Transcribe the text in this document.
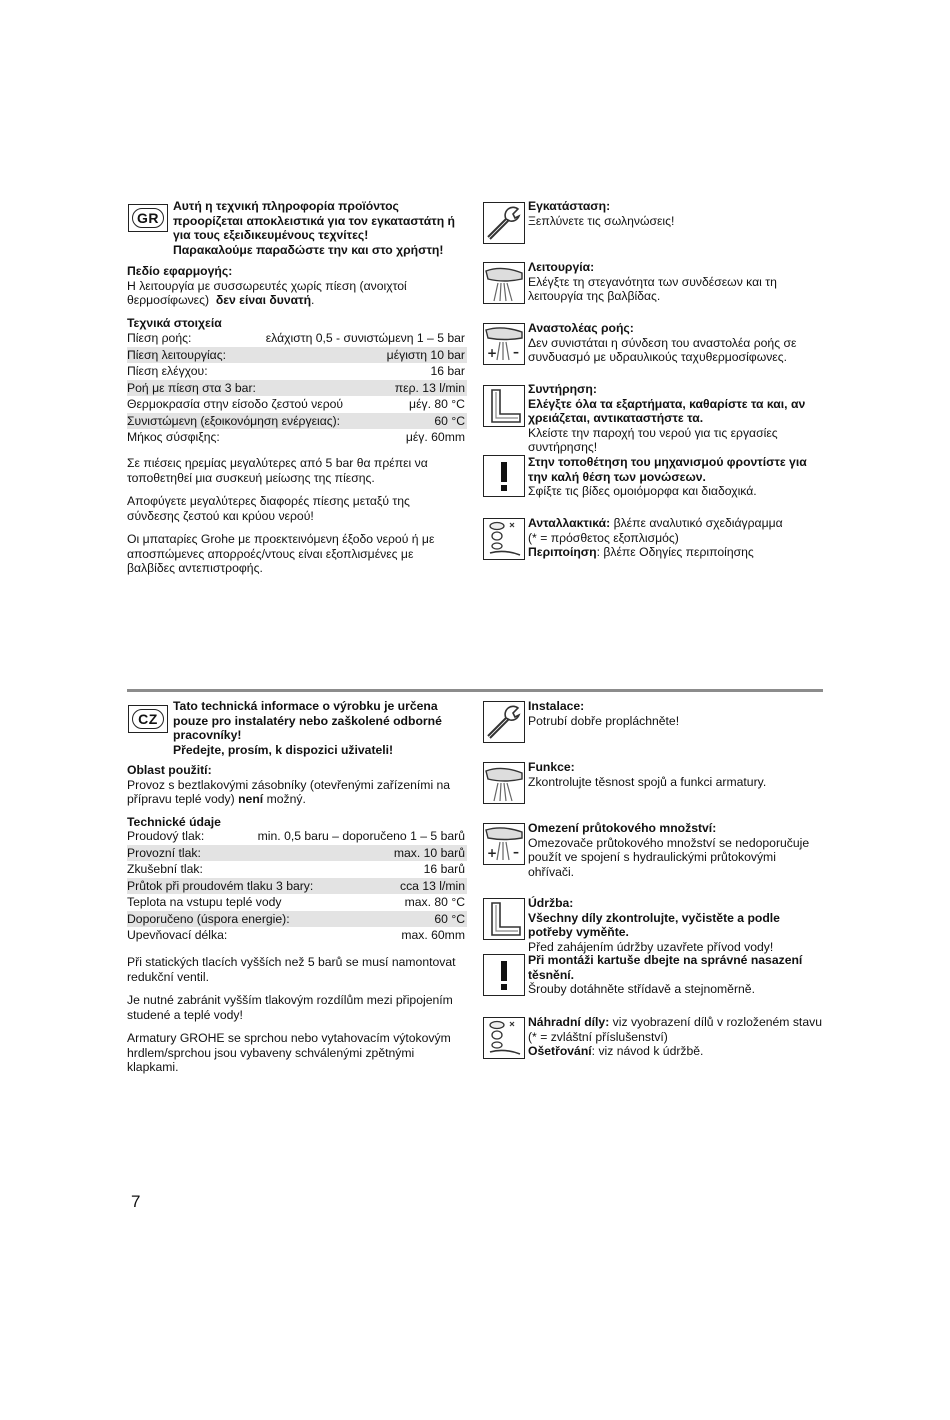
GR

Αυτή η τεχνική πληροφορία προϊόντος

προορίζεται αποκλειστικά για τον εγκαταστάτη ή

για τους εξειδικευμένους τεχνίτες!

Παρακαλούμε παραδώστε την και στο χρήστη!

Πεδίο εφαρμογής:

Η λειτουργία με συσσωρευτές χωρίς πίεση (ανοιχτοί

θερμοσίφωνες) δεν είναι δυνατή.

Τεχνικά στοιχεία

Πίεση ροής:	ελάχιστη 0,5 - συνιστώμενη 1 – 5 bar
Πίεση λειτουργίας:	μέγιστη 10 bar
Πίεση ελέγχου:	16 bar
Ροή με πίεση στα 3 bar:	περ. 13 l/min
Θερμοκρασία στην είσοδο ζεστού νερού	μέγ. 80 °C
Συνιστώμενη (εξοικονόμηση ενέργειας):	60 °C
Μήκος σύσφιξης:	μέγ. 60mm

Σε πιέσεις ηρεμίας μεγαλύτερες από 5 bar θα πρέπει να

τοποθετηθεί μια συσκευή μείωσης της πίεσης.

Αποφύγετε μεγαλύτερες διαφορές πίεσης μεταξύ της

σύνδεσης ζεστού και κρύου νερού!

Οι μπαταρίες Grohe με προεκτεινόμενη έξοδο νερού ή με

αποσπώμενες απορροές/ντους είναι εξοπλισμένες με

βαλβίδες αντεπιστροφής.

Εγκατάσταση:

Ξεπλύνετε τις σωληνώσεις!

Λειτουργία:

Ελέγξτε τη στεγανότητα των συνδέσεων και τη

λειτουργία της βαλβίδας.

Αναστολέας ροής:

Δεν συνιστάται η σύνδεση του αναστολέα ροής σε

συνδυασμό με υδραυλικούς ταχυθερμοσίφωνες.

Συντήρηση:

Ελέγξτε όλα τα εξαρτήματα, καθαρίστε τα και, αν

χρειάζεται, αντικαταστήστε τα.

Κλείστε την παροχή του νερού για τις εργασίες

συντήρησης!

Στην τοποθέτηση του μηχανισμού φροντίστε για

την καλή θέση των μονώσεων.

Σφίξτε τις βίδες ομοιόμορφα και διαδοχικά.

Ανταλλακτικά: βλέπε αναλυτικό σχεδιάγραμμα

(* = πρόσθετος εξοπλισμός)

Περιποίηση: βλέπε Οδηγίες περιποίησης

CZ

Tato technická informace o výrobku je určena

pouze pro instalatéry nebo zaškolené odborné

pracovníky!

Předejte, prosím, k dispozici uživateli!

Oblast použití:

Provoz s beztlakovými zásobníky (otevřenými zařízeními na

přípravu teplé vody) není možný.

Technické údaje

Proudový tlak:	min. 0,5 baru – doporučeno 1 – 5 barů
Provozní tlak:	max. 10 barů
Zkušební tlak:	16 barů
Průtok při proudovém tlaku 3 bary:	cca 13 l/min
Teplota na vstupu teplé vody	max. 80 °C
Doporučeno (úspora energie):	60 °C
Upevňovací délka:	max. 60mm

Při statických tlacích vyšších než 5 barů se musí namontovat

redukční ventil.

Je nutné zabránit vyšším tlakovým rozdílům mezi připojením

studené a teplé vody!

Armatury GROHE se sprchou nebo vytahovacím výtokovým

hrdlem/sprchou jsou vybaveny schválenými zpětnými

klapkami.

Instalace:

Potrubí dobře propláchněte!

Funkce:

Zkontrolujte těsnost spojů a funkci armatury.

Omezení průtokového množství:

Omezovače průtokového množství se nedoporučuje

použít ve spojení s hydraulickými průtokovými

ohřívači.

Údržba:

Všechny díly zkontrolujte, vyčistěte a podle

potřeby vyměňte.

Před zahájením údržby uzavřete přívod vody!

Při montáži kartuše dbejte na správné nasazení

těsnění.

Šrouby dotáhněte střídavě a stejnoměrně.

Náhradní díly: viz vyobrazení dílů v rozloženém stavu

(* = zvláštní příslušenství)

Ošetřování: viz návod k údržbě.

7
